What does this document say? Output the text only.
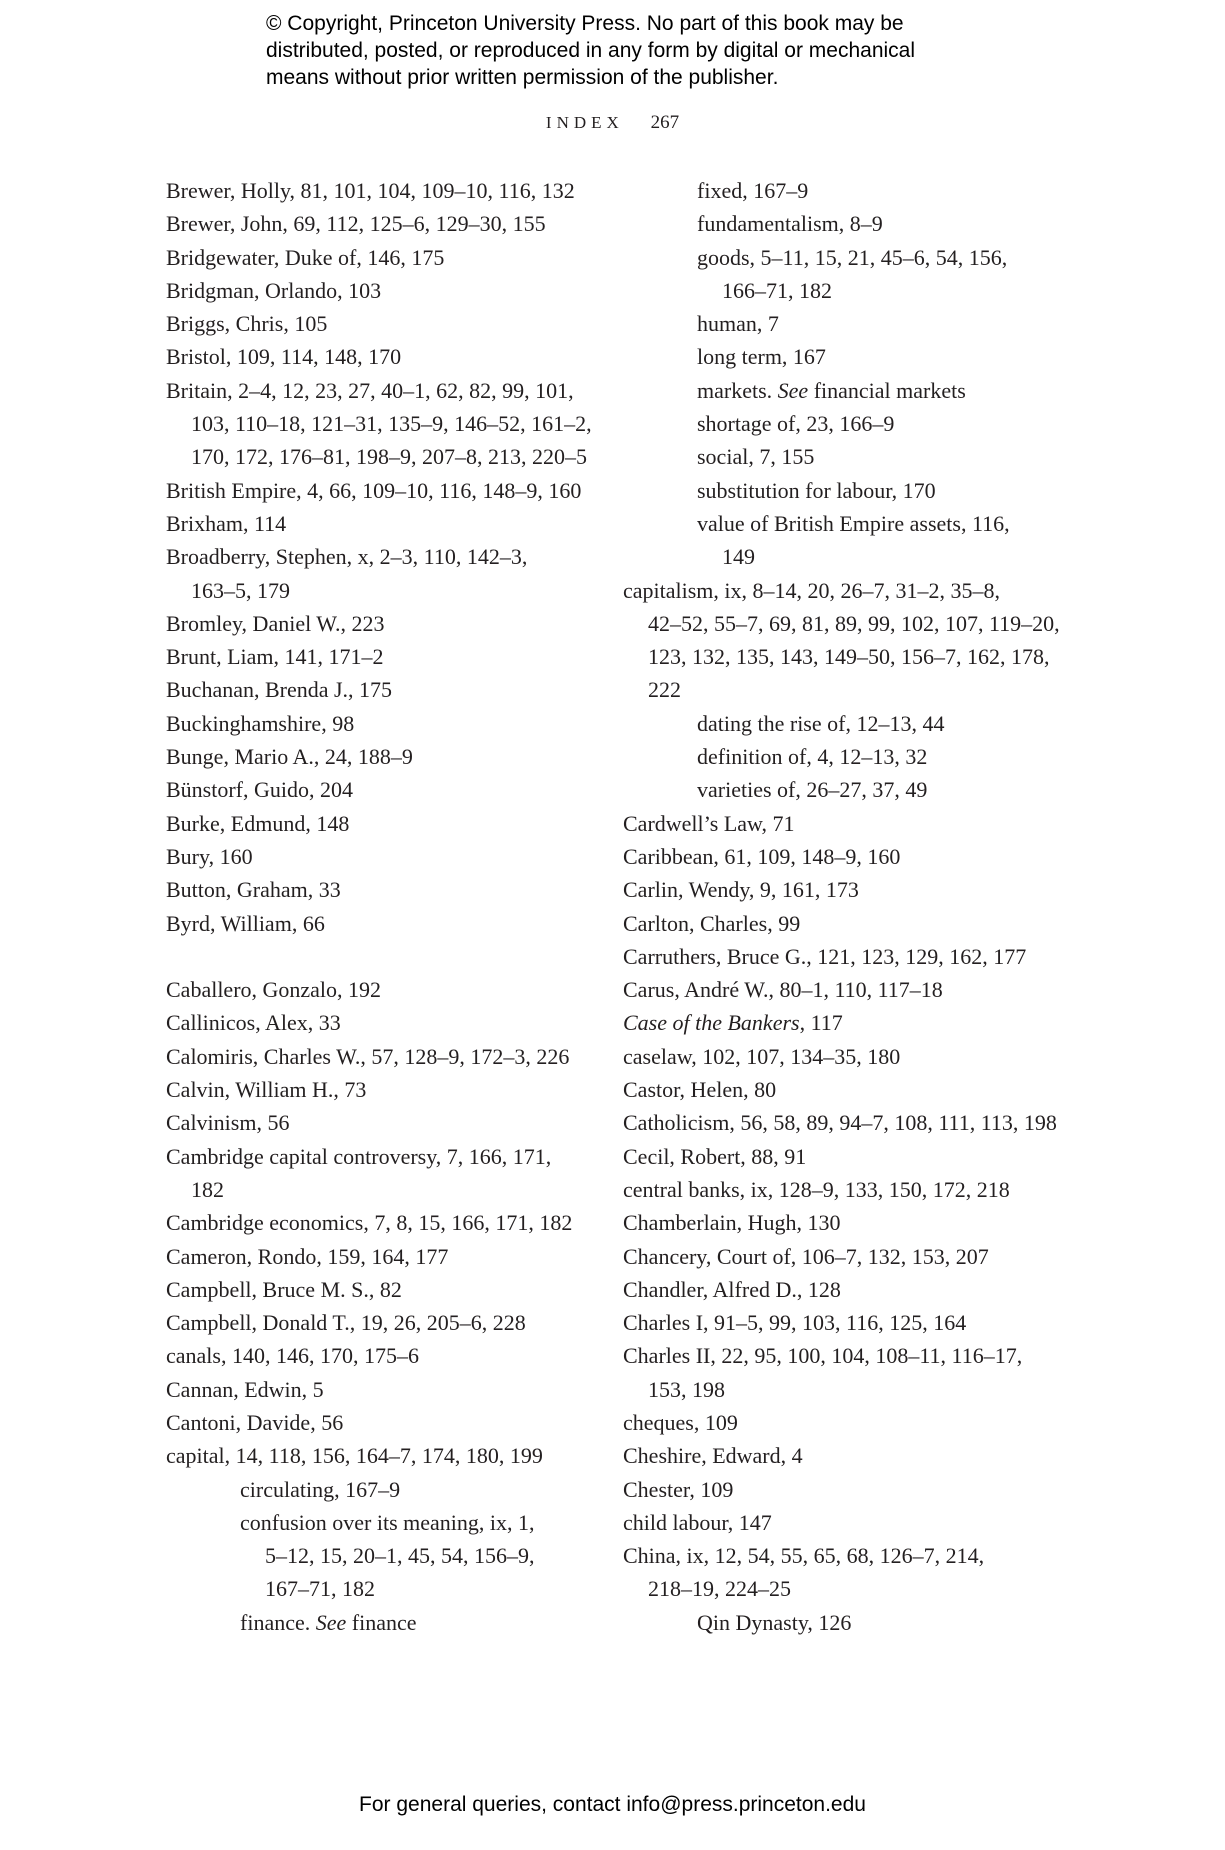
© Copyright, Princeton University Press. No part of this book may be
distributed, posted, or reproduced in any form by digital or mechanical
means without prior written permission of the publisher.
INDEX 267
Brewer, Holly, 81, 101, 104, 109–10, 116, 132
Brewer, John, 69, 112, 125–6, 129–30, 155
Bridgewater, Duke of, 146, 175
Bridgman, Orlando, 103
Briggs, Chris, 105
Bristol, 109, 114, 148, 170
Britain, 2–4, 12, 23, 27, 40–1, 62, 82, 99, 101,
103, 110–18, 121–31, 135–9, 146–52, 161–2,
170, 172, 176–81, 198–9, 207–8, 213, 220–5
British Empire, 4, 66, 109–10, 116, 148–9, 160
Brixham, 114
Broadberry, Stephen, x, 2–3, 110, 142–3,
163–5, 179
Bromley, Daniel W., 223
Brunt, Liam, 141, 171–2
Buchanan, Brenda J., 175
Buckinghamshire, 98
Bunge, Mario A., 24, 188–9
Bünstorf, Guido, 204
Burke, Edmund, 148
Bury, 160
Button, Graham, 33
Byrd, William, 66
Caballero, Gonzalo, 192
Callinicos, Alex, 33
Calomiris, Charles W., 57, 128–9, 172–3, 226
Calvin, William H., 73
Calvinism, 56
Cambridge capital controversy, 7, 166, 171,
182
Cambridge economics, 7, 8, 15, 166, 171, 182
Cameron, Rondo, 159, 164, 177
Campbell, Bruce M. S., 82
Campbell, Donald T., 19, 26, 205–6, 228
canals, 140, 146, 170, 175–6
Cannan, Edwin, 5
Cantoni, Davide, 56
capital, 14, 118, 156, 164–7, 174, 180, 199
circulating, 167–9
confusion over its meaning, ix, 1,
5–12, 15, 20–1, 45, 54, 156–9,
167–71, 182
finance. See finance
fixed, 167–9
fundamentalism, 8–9
goods, 5–11, 15, 21, 45–6, 54, 156,
166–71, 182
human, 7
long term, 167
markets. See financial markets
shortage of, 23, 166–9
social, 7, 155
substitution for labour, 170
value of British Empire assets, 116,
149
capitalism, ix, 8–14, 20, 26–7, 31–2, 35–8,
42–52, 55–7, 69, 81, 89, 99, 102, 107, 119–20,
123, 132, 135, 143, 149–50, 156–7, 162, 178,
222
dating the rise of, 12–13, 44
definition of, 4, 12–13, 32
varieties of, 26–27, 37, 49
Cardwell’s Law, 71
Caribbean, 61, 109, 148–9, 160
Carlin, Wendy, 9, 161, 173
Carlton, Charles, 99
Carruthers, Bruce G., 121, 123, 129, 162, 177
Carus, André W., 80–1, 110, 117–18
Case of the Bankers, 117
caselaw, 102, 107, 134–35, 180
Castor, Helen, 80
Catholicism, 56, 58, 89, 94–7, 108, 111, 113, 198
Cecil, Robert, 88, 91
central banks, ix, 128–9, 133, 150, 172, 218
Chamberlain, Hugh, 130
Chancery, Court of, 106–7, 132, 153, 207
Chandler, Alfred D., 128
Charles I, 91–5, 99, 103, 116, 125, 164
Charles II, 22, 95, 100, 104, 108–11, 116–17,
153, 198
cheques, 109
Cheshire, Edward, 4
Chester, 109
child labour, 147
China, ix, 12, 54, 55, 65, 68, 126–7, 214,
218–19, 224–25
Qin Dynasty, 126
For general queries, contact info@press.princeton.edu
